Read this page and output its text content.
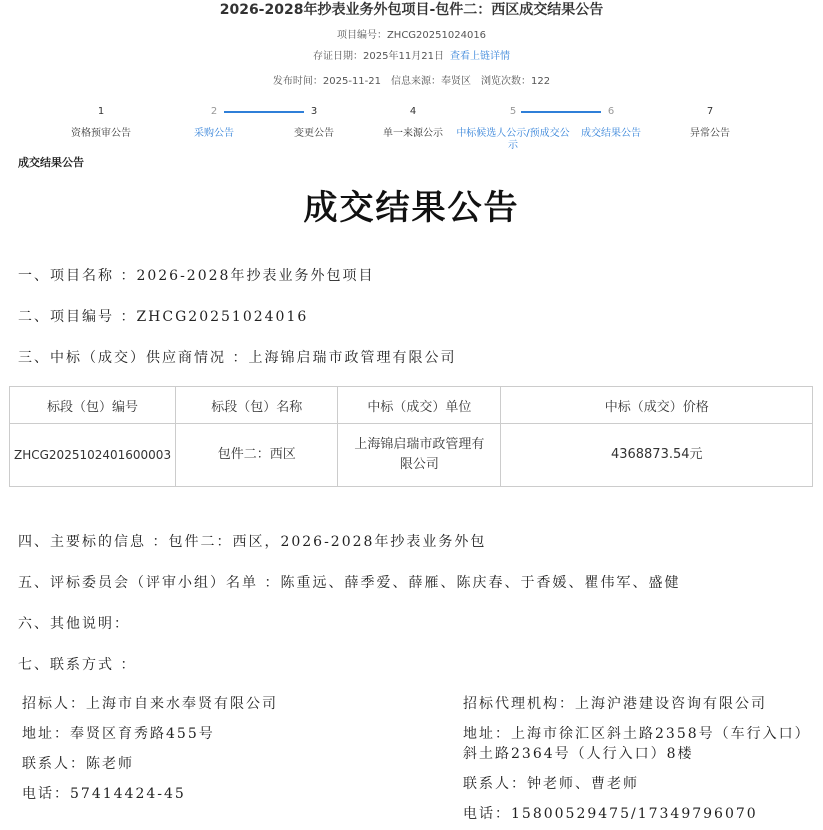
2026-2028年抄表业务外包项目-包件二：西区成交结果公告
项目编号：ZHCG20251024016
存证日期：2025年11月21日 查看上链详情
发布时间：2025-11-21 信息来源：奉贤区 浏览次数：122
1
资格预审公告
2
采购公告
3
变更公告
4
单一来源公示
5
中标候选人公示/预成交公示
6
成交结果公告
7
异常公告
成交结果公告
成交结果公告
一、项目名称 ：2026-2028年抄表业务外包项目
二、项目编号 ：ZHCG20251024016
三、中标（成交）供应商情况 ：上海锦启瑞市政管理有限公司
标段（包）编号	标段（包）名称	中标（成交）单位	中标（成交）价格
ZHCG2025102401600003	包件二：西区	上海锦启瑞市政管理有限公司	4368873.54元
四、主要标的信息 ：包件二：西区，2026-2028年抄表业务外包
五、评标委员会（评审小组）名单 ：陈重远、薛季爱、薛雁、陈庆春、于香媛、瞿伟军、盛健
六、其他说明：
七、联系方式 ：
招标人：上海市自来水奉贤有限公司
地址：奉贤区育秀路455号
联系人：陈老师
电话：57414424-45
招标代理机构：上海沪港建设咨询有限公司
地址：上海市徐汇区斜土路2358号（车行入口）斜土路2364号（人行入口）8楼
联系人：钟老师、曹老师
电话：15800529475/17349796070
